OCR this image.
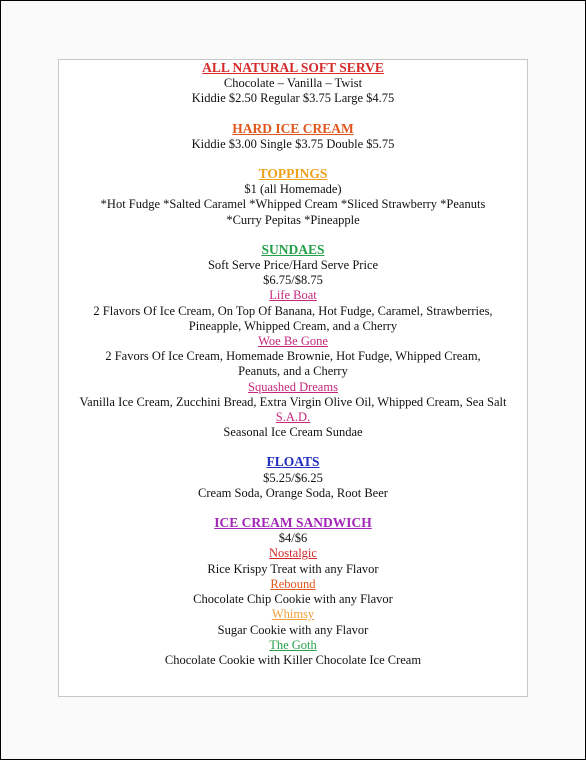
ALL NATURAL SOFT SERVE
Chocolate – Vanilla – Twist
Kiddie $2.50 Regular $3.75 Large $4.75
HARD ICE CREAM
Kiddie $3.00 Single $3.75 Double $5.75
TOPPINGS
$1 (all Homemade)
*Hot Fudge *Salted Caramel *Whipped Cream *Sliced Strawberry *Peanuts
*Curry Pepitas *Pineapple
SUNDAES
Soft Serve Price/Hard Serve Price
$6.75/$8.75
Life Boat
2 Flavors Of Ice Cream, On Top Of Banana, Hot Fudge, Caramel, Strawberries,
Pineapple, Whipped Cream, and a Cherry
Woe Be Gone
2 Favors Of Ice Cream, Homemade Brownie, Hot Fudge, Whipped Cream,
Peanuts, and a Cherry
Squashed Dreams
Vanilla Ice Cream, Zucchini Bread, Extra Virgin Olive Oil, Whipped Cream, Sea Salt
S.A.D.
Seasonal Ice Cream Sundae
FLOATS
$5.25/$6.25
Cream Soda, Orange Soda, Root Beer
ICE CREAM SANDWICH
$4/$6
Nostalgic
Rice Krispy Treat with any Flavor
Rebound
Chocolate Chip Cookie with any Flavor
Whimsy
Sugar Cookie with any Flavor
The Goth
Chocolate Cookie with Killer Chocolate Ice Cream
